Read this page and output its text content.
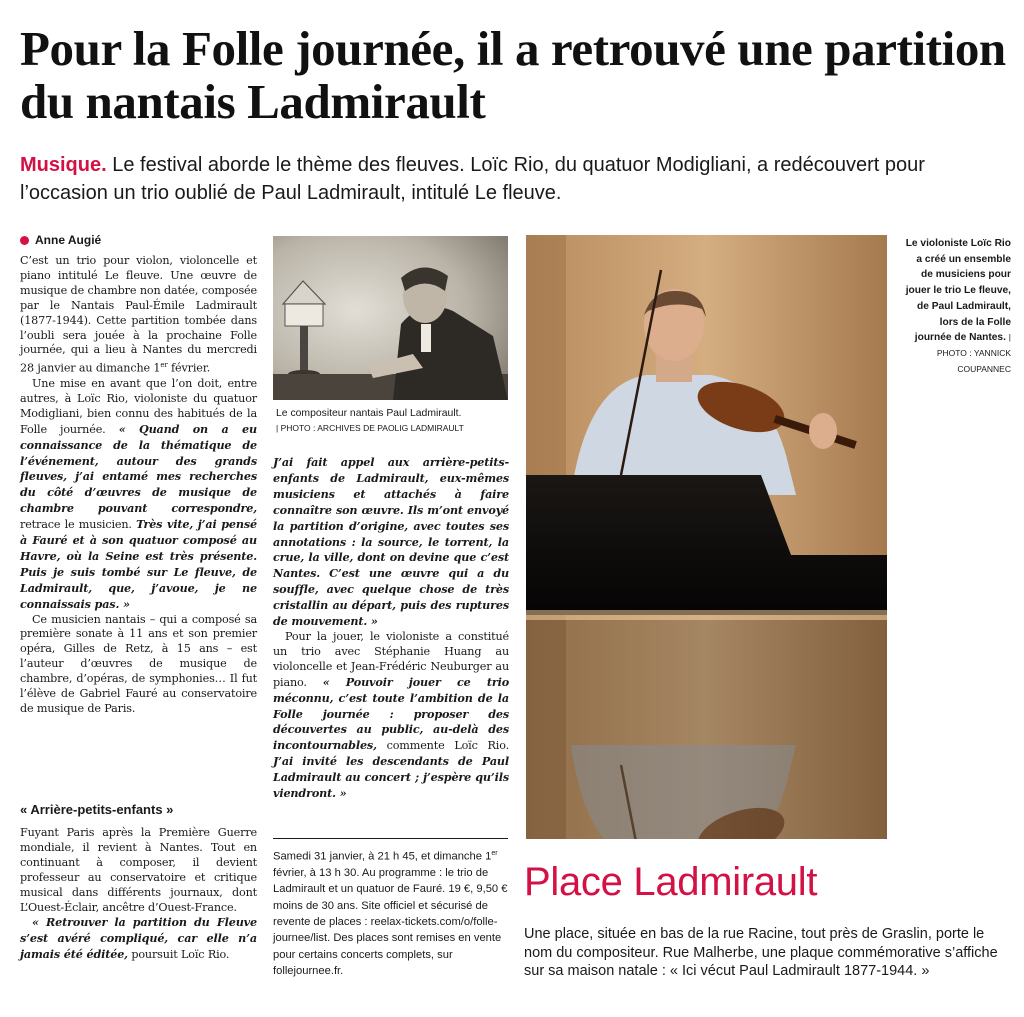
Pour la Folle journée, il a retrouvé une partition du nantais Ladmirault
Musique. Le festival aborde le thème des fleuves. Loïc Rio, du quatuor Modigliani, a redécouvert pour l’occasion un trio oublié de Paul Ladmirault, intitulé Le fleuve.
Anne Augié

C’est un trio pour violon, violoncelle et piano intitulé Le fleuve. Une œuvre de musique de chambre non datée, composée par le Nantais Paul-Émile Ladmirault (1877-1944). Cette partition tombée dans l’oubli sera jouée à la prochaine Folle journée, qui a lieu à Nantes du mercredi 28 janvier au dimanche 1er février.

Une mise en avant que l’on doit, entre autres, à Loïc Rio, violoniste du quatuor Modigliani, bien connu des habitués de la Folle journée. « Quand on a eu connaissance de la thématique de l’événement, autour des grands fleuves, j’ai entamé mes recherches du côté d’œuvres de musique de chambre pouvant correspondre, retrace le musicien. Très vite, j’ai pensé à Fauré et à son quatuor composé au Havre, où la Seine est très présente. Puis je suis tombé sur Le fleuve, de Ladmirault, que, j’avoue, je ne connaissais pas. »

Ce musicien nantais – qui a composé sa première sonate à 11 ans et son premier opéra, Gilles de Retz, à 15 ans – est l’auteur d’œuvres de musique de chambre, d’opéras, de symphonies… Il fut l’élève de Gabriel Fauré au conservatoire de musique de Paris.

« Arrière-petits-enfants »

Fuyant Paris après la Première Guerre mondiale, il revient à Nantes. Tout en continuant à composer, il devient professeur au conservatoire et critique musical dans différents journaux, dont L’Ouest-Éclair, ancêtre d’Ouest-France.

« Retrouver la partition du Fleuve s’est avéré compliqué, car elle n’a jamais été éditée, poursuit Loïc Rio.

Le compositeur nantais Paul Ladmirault.
| PHOTO : ARCHIVES DE PAOLIG LADMIRAULT

J’ai fait appel aux arrière-petits-enfants de Ladmirault, eux-mêmes musiciens et attachés à faire connaître son œuvre. Ils m’ont envoyé la partition d’origine, avec toutes ses annotations : la source, le torrent, la crue, la ville, dont on devine que c’est Nantes. C’est une œuvre qui a du souffle, avec quelque chose de très cristallin au départ, puis des ruptures de mouvement. »

Pour la jouer, le violoniste a constitué un trio avec Stéphanie Huang au violoncelle et Jean-Frédéric Neuburger au piano. « Pouvoir jouer ce trio méconnu, c’est toute l’ambition de la Folle journée : proposer des découvertes au public, au-delà des incontournables, commente Loïc Rio. J’ai invité les descendants de Paul Ladmirault au concert ; j’espère qu’ils viendront. »

Samedi 31 janvier, à 21 h 45, et dimanche 1er février, à 13 h 30. Au programme : le trio de Ladmirault et un quatuor de Fauré. 19 €, 9,50 € moins de 30 ans. Site officiel et sécurisé de revente de places : reelax-tickets.com/o/folle-journee/list. Des places sont remises en vente pour certains concerts complets, sur follejournee.fr.
Le violoniste Loïc Rio a créé un ensemble de musiciens pour jouer le trio Le fleuve, de Paul Ladmirault, lors de la Folle journée de Nantes. | PHOTO : YANNICK COUPANNEC
Place Ladmirault
Une place, située en bas de la rue Racine, tout près de Graslin, porte le nom du compositeur. Rue Malherbe, une plaque commémorative s’affiche sur sa maison natale : « Ici vécut Paul Ladmirault 1877-1944. »
